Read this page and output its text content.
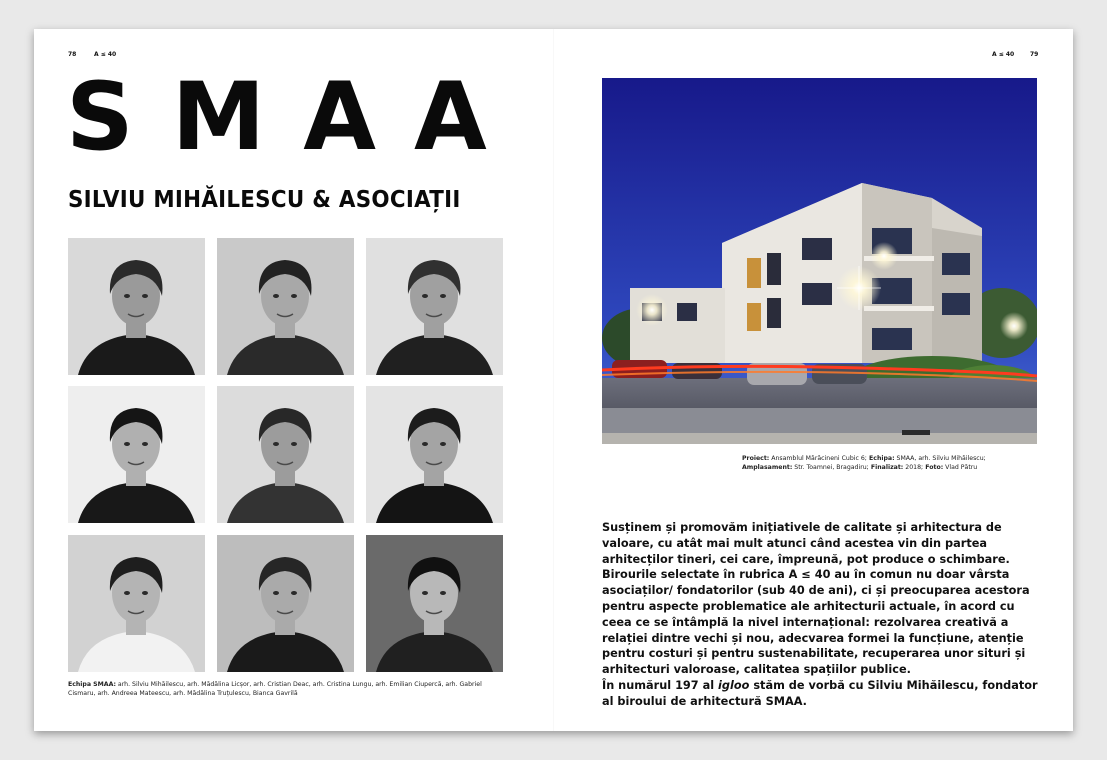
78	A ≤ 40	A ≤ 40	79
SMAA
SILVIU MIHĂILESCU & ASOCIAȚII
Echipa SMAA: arh. Silviu Mihăilescu, arh. Mădălina Licșor, arh. Cristian Deac, arh. Cristina Lungu, arh. Emilian Ciupercă, arh. Gabriel Cismaru, arh. Andreea Mateescu, arh. Mădălina Truțulescu, Bianca Gavrilă
Proiect: Ansamblul Mărăcineni Cubic 6; Echipa: SMAA, arh. Silviu Mihăilescu;
Amplasament: Str. Toamnei, Bragadiru; Finalizat: 2018; Foto: Vlad Pătru

Susținem și promovăm inițiativele de calitate și arhitectura de valoare, cu atât mai mult atunci când acestea vin din partea arhitecților tineri, cei care, împreună, pot produce o schimbare.

Birourile selectate în rubrica A ≤ 40 au în comun nu doar vârsta asociaților/ fondatorilor (sub 40 de ani), ci și preocuparea acestora pentru aspecte problematice ale arhitecturii actuale, în acord cu ceea ce se întâmplă la nivel internațional: rezolvarea creativă a relației dintre vechi și nou, adecvarea formei la funcțiune, atenție pentru costuri și pentru sustenabilitate, recuperarea unor situri și arhitecturi valoroase, calitatea spațiilor publice.

În numărul 197 al igloo stăm de vorbă cu Silviu Mihăilescu, fondator al biroului de arhitectură SMAA.
